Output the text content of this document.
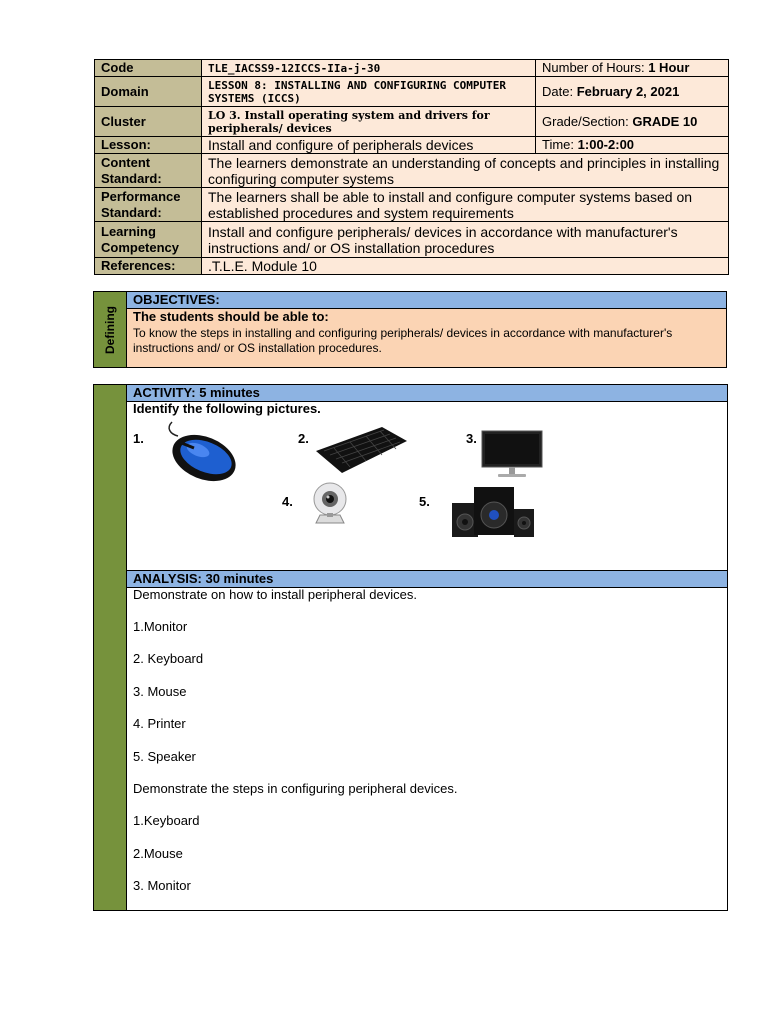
Code	TLE_IACSS9-12ICCS-IIa-j-30	Number of Hours: 1 Hour
Domain	LESSON 8: INSTALLING AND CONFIGURING COMPUTER SYSTEMS (ICCS)	Date: February 2, 2021
Cluster	LO 3. Install operating system and drivers for peripherals/ devices	Grade/Section: GRADE 10
Lesson:	Install and configure of peripherals devices	Time: 1:00-2:00
Content Standard:	The learners demonstrate an understanding of concepts and principles in installing configuring computer systems	
Performance Standard:	The learners shall be able to install and configure computer systems based on established procedures and system requirements	
Learning Competency	Install and configure peripherals/ devices in accordance with manufacturer's instructions and/ or OS installation procedures	
References:	.T.L.E. Module 10	
Defining
OBJECTIVES:
The students should be able to:
To know the steps in installing and configuring peripherals/ devices in accordance with manufacturer's instructions and/ or OS installation procedures.
ACTIVITY: 5 minutes
Identify the following pictures.
1.	2.	3.
4.	5.
ANALYSIS: 30 minutes
Demonstrate on how to install peripheral devices.
1.Monitor
2. Keyboard
3. Mouse
4. Printer
5. Speaker
Demonstrate the steps in configuring peripheral devices.
1.Keyboard
2.Mouse
3. Monitor
